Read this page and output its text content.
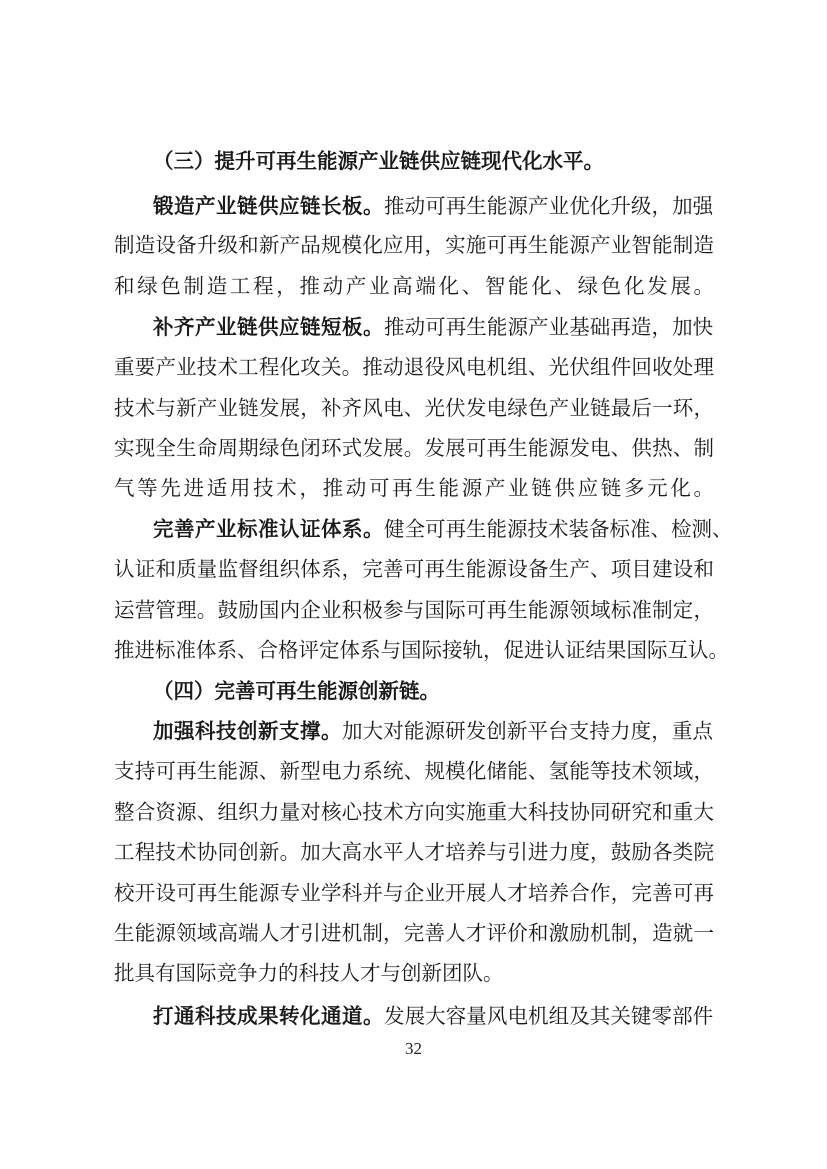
（三）提升可再生能源产业链供应链现代化水平。
锻造产业链供应链长板。推动可再生能源产业优化升级，加强
制造设备升级和新产品规模化应用，实施可再生能源产业智能制造
和绿色制造工程，推动产业高端化、智能化、绿色化发展。
补齐产业链供应链短板。推动可再生能源产业基础再造，加快
重要产业技术工程化攻关。推动退役风电机组、光伏组件回收处理
技术与新产业链发展，补齐风电、光伏发电绿色产业链最后一环，
实现全生命周期绿色闭环式发展。发展可再生能源发电、供热、制
气等先进适用技术，推动可再生能源产业链供应链多元化。
完善产业标准认证体系。健全可再生能源技术装备标准、检测、
认证和质量监督组织体系，完善可再生能源设备生产、项目建设和
运营管理。鼓励国内企业积极参与国际可再生能源领域标准制定，
推进标准体系、合格评定体系与国际接轨，促进认证结果国际互认。
（四）完善可再生能源创新链。
加强科技创新支撑。加大对能源研发创新平台支持力度，重点
支持可再生能源、新型电力系统、规模化储能、氢能等技术领域，
整合资源、组织力量对核心技术方向实施重大科技协同研究和重大
工程技术协同创新。加大高水平人才培养与引进力度，鼓励各类院
校开设可再生能源专业学科并与企业开展人才培养合作，完善可再
生能源领域高端人才引进机制，完善人才评价和激励机制，造就一
批具有国际竞争力的科技人才与创新团队。
打通科技成果转化通道。发展大容量风电机组及其关键零部件
32
